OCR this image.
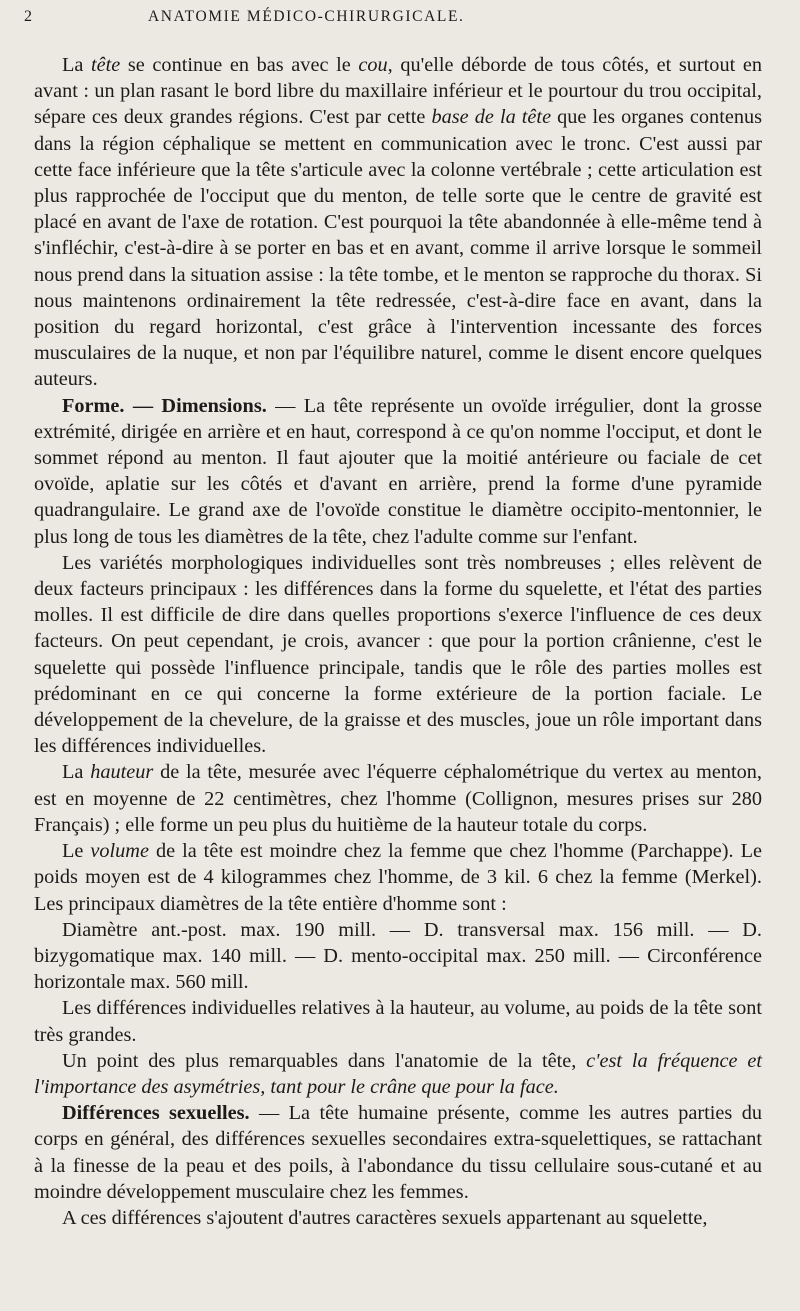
2	ANATOMIE MÉDICO-CHIRURGICALE.

La tête se continue en bas avec le cou, qu'elle déborde de tous côtés, et surtout en avant : un plan rasant le bord libre du maxillaire inférieur et le pourtour du trou occipital, sépare ces deux grandes régions. C'est par cette base de la tête que les organes contenus dans la région céphalique se mettent en communication avec le tronc. C'est aussi par cette face inférieure que la tête s'articule avec la colonne vertébrale ; cette articulation est plus rapprochée de l'occiput que du menton, de telle sorte que le centre de gravité est placé en avant de l'axe de rotation. C'est pourquoi la tête abandonnée à elle-même tend à s'infléchir, c'est-à-dire à se porter en bas et en avant, comme il arrive lorsque le sommeil nous prend dans la situation assise : la tête tombe, et le menton se rapproche du thorax. Si nous maintenons ordinairement la tête redressée, c'est-à-dire face en avant, dans la position du regard horizontal, c'est grâce à l'intervention incessante des forces musculaires de la nuque, et non par l'équilibre naturel, comme le disent encore quelques auteurs.

Forme. — Dimensions. — La tête représente un ovoïde irrégulier, dont la grosse extrémité, dirigée en arrière et en haut, correspond à ce qu'on nomme l'occiput, et dont le sommet répond au menton. Il faut ajouter que la moitié antérieure ou faciale de cet ovoïde, aplatie sur les côtés et d'avant en arrière, prend la forme d'une pyramide quadrangulaire. Le grand axe de l'ovoïde constitue le diamètre occipito-mentonnier, le plus long de tous les diamètres de la tête, chez l'adulte comme sur l'enfant.

Les variétés morphologiques individuelles sont très nombreuses ; elles relèvent de deux facteurs principaux : les différences dans la forme du squelette, et l'état des parties molles. Il est difficile de dire dans quelles proportions s'exerce l'influence de ces deux facteurs. On peut cependant, je crois, avancer : que pour la portion crânienne, c'est le squelette qui possède l'influence principale, tandis que le rôle des parties molles est prédominant en ce qui concerne la forme extérieure de la portion faciale. Le développement de la chevelure, de la graisse et des muscles, joue un rôle important dans les différences individuelles.

La hauteur de la tête, mesurée avec l'équerre céphalométrique du vertex au menton, est en moyenne de 22 centimètres, chez l'homme (Collignon, mesures prises sur 280 Français) ; elle forme un peu plus du huitième de la hauteur totale du corps.

Le volume de la tête est moindre chez la femme que chez l'homme (Parchappe). Le poids moyen est de 4 kilogrammes chez l'homme, de 3 kil. 6 chez la femme (Merkel). Les principaux diamètres de la tête entière d'homme sont :

Diamètre ant.-post. max. 190 mill. — D. transversal max. 156 mill. — D. bizygomatique max. 140 mill. — D. mento-occipital max. 250 mill. — Circonférence horizontale max. 560 mill.

Les différences individuelles relatives à la hauteur, au volume, au poids de la tête sont très grandes.

Un point des plus remarquables dans l'anatomie de la tête, c'est la fréquence et l'importance des asymétries, tant pour le crâne que pour la face.

Différences sexuelles. — La tête humaine présente, comme les autres parties du corps en général, des différences sexuelles secondaires extra-squelettiques, se rattachant à la finesse de la peau et des poils, à l'abondance du tissu cellulaire sous-cutané et au moindre développement musculaire chez les femmes.

A ces différences s'ajoutent d'autres caractères sexuels appartenant au squelette,
